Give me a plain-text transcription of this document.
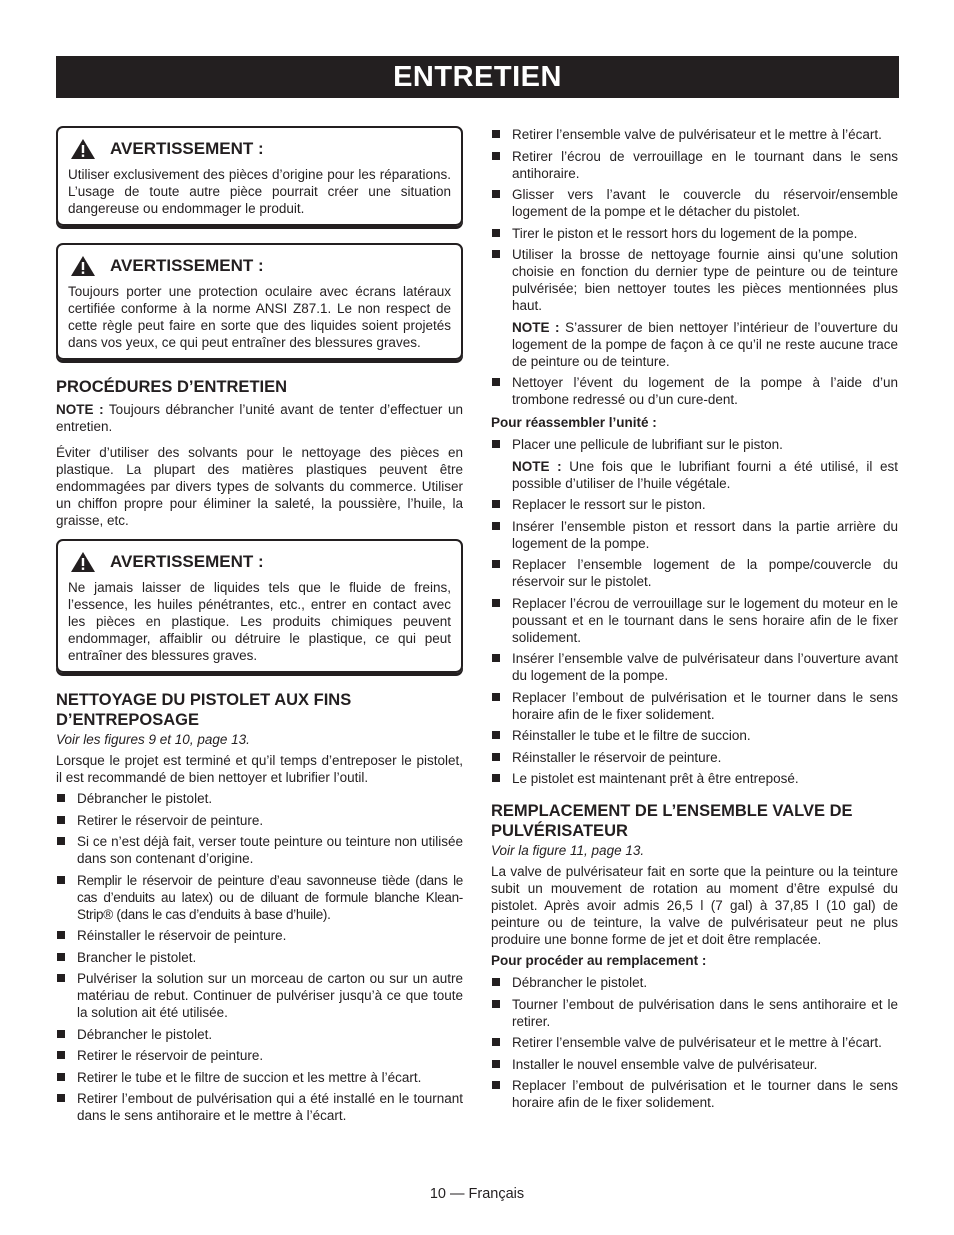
ENTRETIEN
AVERTISSEMENT :

Utiliser exclusivement des pièces d’origine pour les réparations. L’usage de toute autre pièce pourrait créer une situation dangereuse ou endommager le produit.

AVERTISSEMENT :

Toujours porter une protection oculaire avec écrans latéraux certifiée conforme à la norme ANSI Z87.1. Le non respect de cette règle peut faire en sorte que des liquides soient projetés dans vos yeux, ce qui peut entraîner des blessures graves.

PROCÉDURES D’ENTRETIEN

NOTE : Toujours débrancher l’unité avant de tenter d’effectuer un entretien.

Éviter d’utiliser des solvants pour le nettoyage des pièces en plastique. La plupart des matières plastiques peuvent être endommagées par divers types de solvants du commerce. Utiliser un chiffon propre pour éliminer la saleté, la poussière, l’huile, la graisse, etc.

AVERTISSEMENT :

Ne jamais laisser de liquides tels que le fluide de freins, l’essence, les huiles pénétrantes, etc., entrer en contact avec les pièces en plastique. Les produits chimiques peuvent endommager, affaiblir ou détruire le plastique, ce qui peut entraîner des blessures graves.

NETTOYAGE DU PISTOLET AUX FINS D’ENTREPOSAGE

Voir les figures 9 et 10, page 13.

Lorsque le projet est terminé et qu’il temps d’entreposer le pistolet, il est recommandé de bien nettoyer et lubrifier l’outil.

Débrancher le pistolet.
Retirer le réservoir de peinture.
Si ce n’est déjà fait, verser toute peinture ou teinture non utilisée dans son contenant d’origine.
Remplir le réservoir de peinture d’eau savonneuse tiède (dans le cas d’enduits au latex) ou de diluant de formule blanche Klean-Strip® (dans le cas d’enduits à base d’huile).
Réinstaller le réservoir de peinture.
Brancher le pistolet.
Pulvériser la solution sur un morceau de carton ou sur un autre matériau de rebut. Continuer de pulvériser jusqu’à ce que toute la solution ait été utilisée.
Débrancher le pistolet.
Retirer le réservoir de peinture.
Retirer le tube et le filtre de succion et les mettre à l’écart.
Retirer l’embout de pulvérisation qui a été installé en le tournant dans le sens antihoraire et le mettre à l’écart.
Retirer l’ensemble valve de pulvérisateur et le mettre à l’écart.
Retirer l’écrou de verrouillage en le tournant dans le sens antihoraire.
Glisser vers l’avant le couvercle du réservoir/ensemble logement de la pompe et le détacher du pistolet.
Tirer le piston et le ressort hors du logement de la pompe.
Utiliser la brosse de nettoyage fournie ainsi qu’une solution choisie en fonction du dernier type de peinture ou de teinture pulvérisée; bien nettoyer toutes les pièces mentionnées plus haut.

NOTE : S’assurer de bien nettoyer l’intérieur de l’ouverture du logement de la pompe de façon à ce qu’il ne reste aucune trace de peinture ou de teinture.

Nettoyer l’évent du logement de la pompe à l’aide d’un trombone redressé ou d’un cure-dent.
Pour réassembler l’unité :
Placer une pellicule de lubrifiant sur le piston.

NOTE : Une fois que le lubrifiant fourni a été utilisé, il est possible d’utiliser de l’huile végétale.

Replacer le ressort sur le piston.
Insérer l’ensemble piston et ressort dans la partie arrière du logement de la pompe.
Replacer l’ensemble logement de la pompe/couvercle du réservoir sur le pistolet.
Replacer l’écrou de verrouillage sur le logement du moteur en le poussant et en le tournant dans le sens horaire afin de le fixer solidement.
Insérer l’ensemble valve de pulvérisateur dans l’ouverture avant du logement de la pompe.
Replacer l’embout de pulvérisation et le tourner dans le sens horaire afin de le fixer solidement.
Réinstaller le tube et le filtre de succion.
Réinstaller le réservoir de peinture.
Le pistolet est maintenant prêt à être entreposé.
REMPLACEMENT DE L’ENSEMBLE VALVE DE PULVÉRISATEUR

Voir la figure 11, page 13.

La valve de pulvérisateur fait en sorte que la peinture ou la teinture subit un mouvement de rotation au moment d’être expulsé du pistolet. Après avoir admis 26,5 l (7 gal) à 37,85 l (10 gal) de peinture ou de teinture, la valve de pulvérisateur peut ne plus produire une bonne forme de jet et doit être remplacée.

Pour procéder au remplacement :
Débrancher le pistolet.
Tourner l’embout de pulvérisation dans le sens antihoraire et le retirer.
Retirer l’ensemble valve de pulvérisateur et le mettre à l’écart.
Installer le nouvel ensemble valve de pulvérisateur.
Replacer l’embout de pulvérisation et le tourner dans le sens horaire afin de le fixer solidement.
10 — Français
